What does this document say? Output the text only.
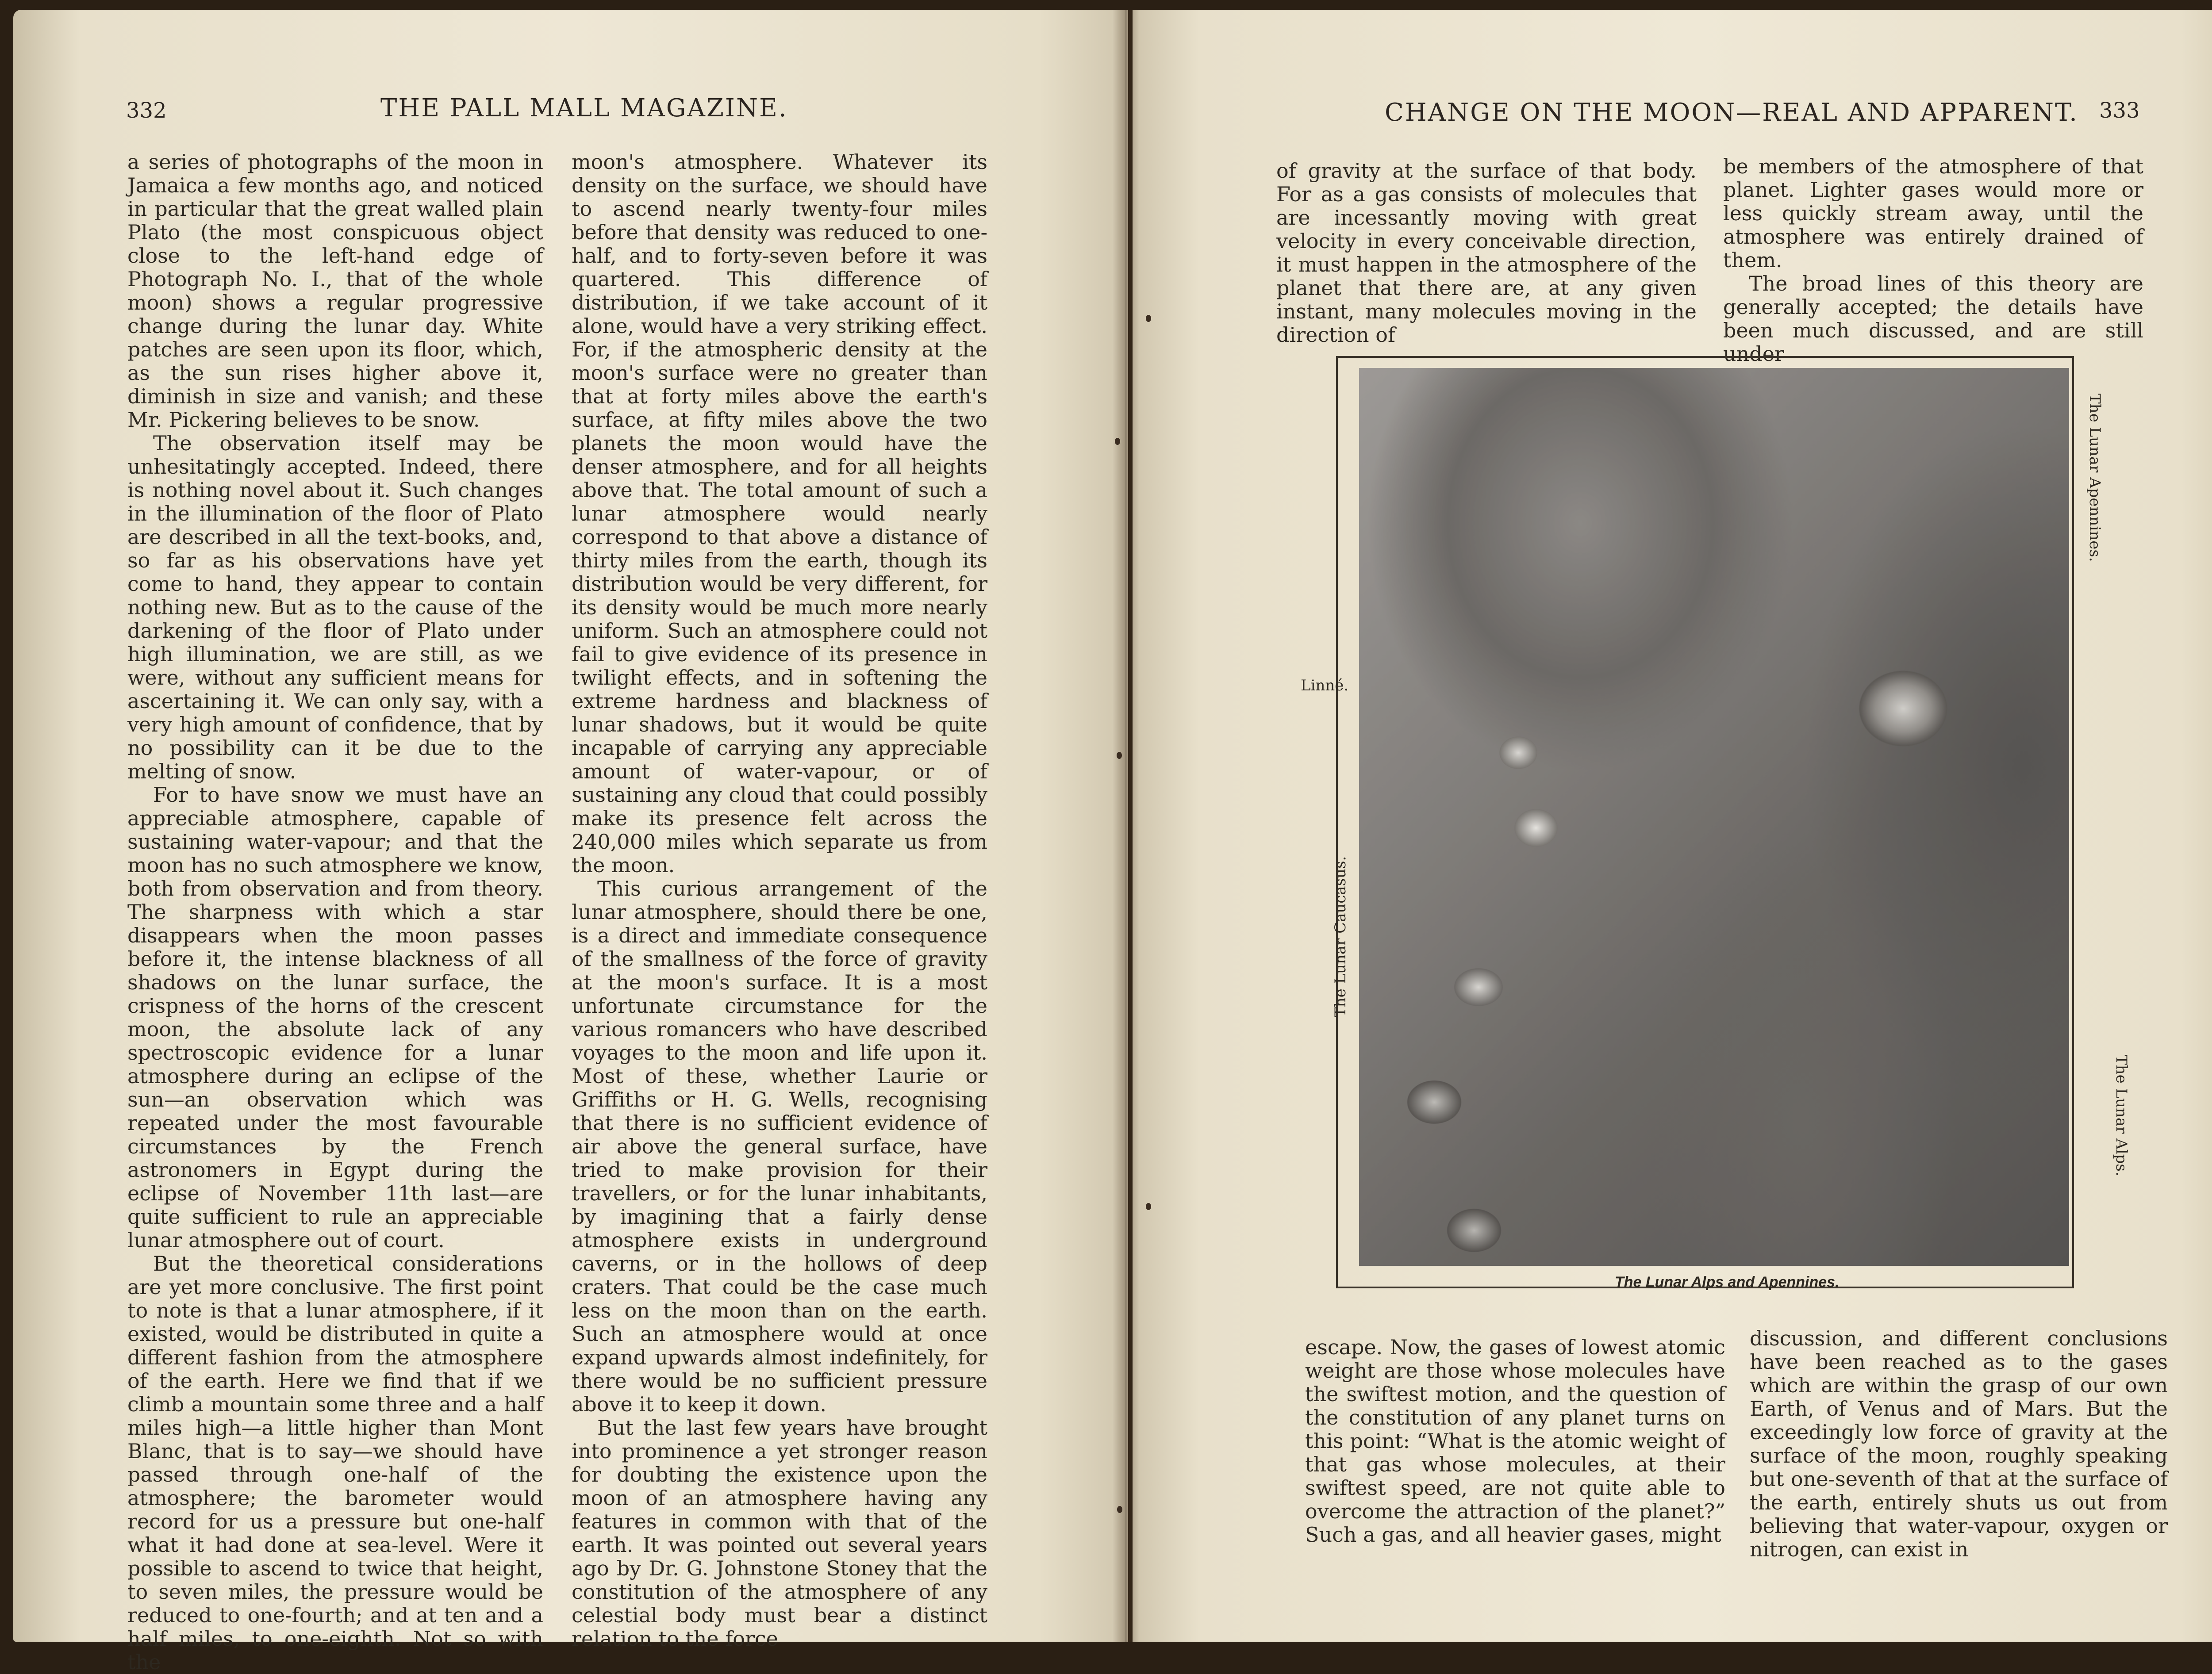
332	THE PALL MALL MAGAZINE.

a series of photographs of the moon in Jamaica a few months ago, and noticed in particular that the great walled plain Plato (the most conspicuous object close to the left-hand edge of Photograph No. I., that of the whole moon) shows a regular progressive change during the lunar day. White patches are seen upon its floor, which, as the sun rises higher above it, diminish in size and vanish; and these Mr. Pickering believes to be snow.

The observation itself may be unhesitatingly accepted. Indeed, there is nothing novel about it. Such changes in the illumination of the floor of Plato are described in all the text-books, and, so far as his observations have yet come to hand, they appear to contain nothing new. But as to the cause of the darkening of the floor of Plato under high illumination, we are still, as we were, without any sufficient means for ascertaining it. We can only say, with a very high amount of confidence, that by no possibility can it be due to the melting of snow.

For to have snow we must have an appreciable atmosphere, capable of sustaining water-vapour; and that the moon has no such atmosphere we know, both from observation and from theory. The sharpness with which a star disappears when the moon passes before it, the intense blackness of all shadows on the lunar surface, the crispness of the horns of the crescent moon, the absolute lack of any spectroscopic evidence for a lunar atmosphere during an eclipse of the sun—an observation which was repeated under the most favourable circumstances by the French astronomers in Egypt during the eclipse of November 11th last—are quite sufficient to rule an appreciable lunar atmosphere out of court.

But the theoretical considerations are yet more conclusive. The first point to note is that a lunar atmosphere, if it existed, would be distributed in quite a different fashion from the atmosphere of the earth. Here we find that if we climb a mountain some three and a half miles high—a little higher than Mont Blanc, that is to say—we should have passed through one-half of the atmosphere; the barometer would record for us a pressure but one-half what it had done at sea-level. Were it possible to ascend to twice that height, to seven miles, the pressure would be reduced to one-fourth; and at ten and a half miles, to one-eighth. Not so with the

moon's atmosphere. Whatever its density on the surface, we should have to ascend nearly twenty-four miles before that density was reduced to one-half, and to forty-seven before it was quartered. This difference of distribution, if we take account of it alone, would have a very striking effect. For, if the atmospheric density at the moon's surface were no greater than that at forty miles above the earth's surface, at fifty miles above the two planets the moon would have the denser atmosphere, and for all heights above that. The total amount of such a lunar atmosphere would nearly correspond to that above a distance of thirty miles from the earth, though its distribution would be very different, for its density would be much more nearly uniform. Such an atmosphere could not fail to give evidence of its presence in twilight effects, and in softening the extreme hardness and blackness of lunar shadows, but it would be quite incapable of carrying any appreciable amount of water-vapour, or of sustaining any cloud that could possibly make its presence felt across the 240,000 miles which separate us from the moon.

This curious arrangement of the lunar atmosphere, should there be one, is a direct and immediate consequence of the smallness of the force of gravity at the moon's surface. It is a most unfortunate circumstance for the various romancers who have described voyages to the moon and life upon it. Most of these, whether Laurie or Griffiths or H. G. Wells, recognising that there is no sufficient evidence of air above the general surface, have tried to make provision for their travellers, or for the lunar inhabitants, by imagining that a fairly dense atmosphere exists in underground caverns, or in the hollows of deep craters. That could be the case much less on the moon than on the earth. Such an atmosphere would at once expand upwards almost indefinitely, for there would be no sufficient pressure above it to keep it down.

But the last few years have brought into prominence a yet stronger reason for doubting the existence upon the moon of an atmosphere having any features in common with that of the earth. It was pointed out several years ago by Dr. G. Johnstone Stoney that the constitution of the atmosphere of any celestial body must bear a distinct relation to the force

CHANGE ON THE MOON—REAL AND APPARENT. 333

of gravity at the surface of that body. For as a gas consists of molecules that are incessantly moving with great velocity in every conceivable direction, it must happen in the atmosphere of the planet that there are, at any given instant, many molecules moving in the direction of

be members of the atmosphere of that planet. Lighter gases would more or less quickly stream away, until the atmosphere was entirely drained of them.

The broad lines of this theory are generally accepted; the details have been much discussed, and are still under

Linné.
The Lunar Caucasus.
The Lunar Apennines.
The Lunar Alps.
The Lunar Alps and Apennines.

escape. Now, the gases of lowest atomic weight are those whose molecules have the swiftest motion, and the question of the constitution of any planet turns on this point: “What is the atomic weight of that gas whose molecules, at their swiftest speed, are not quite able to overcome the attraction of the planet?” Such a gas, and all heavier gases, might

discussion, and different conclusions have been reached as to the gases which are within the grasp of our own Earth, of Venus and of Mars. But the exceedingly low force of gravity at the surface of the moon, roughly speaking but one-seventh of that at the surface of the earth, entirely shuts us out from believing that water-vapour, oxygen or nitrogen, can exist in
